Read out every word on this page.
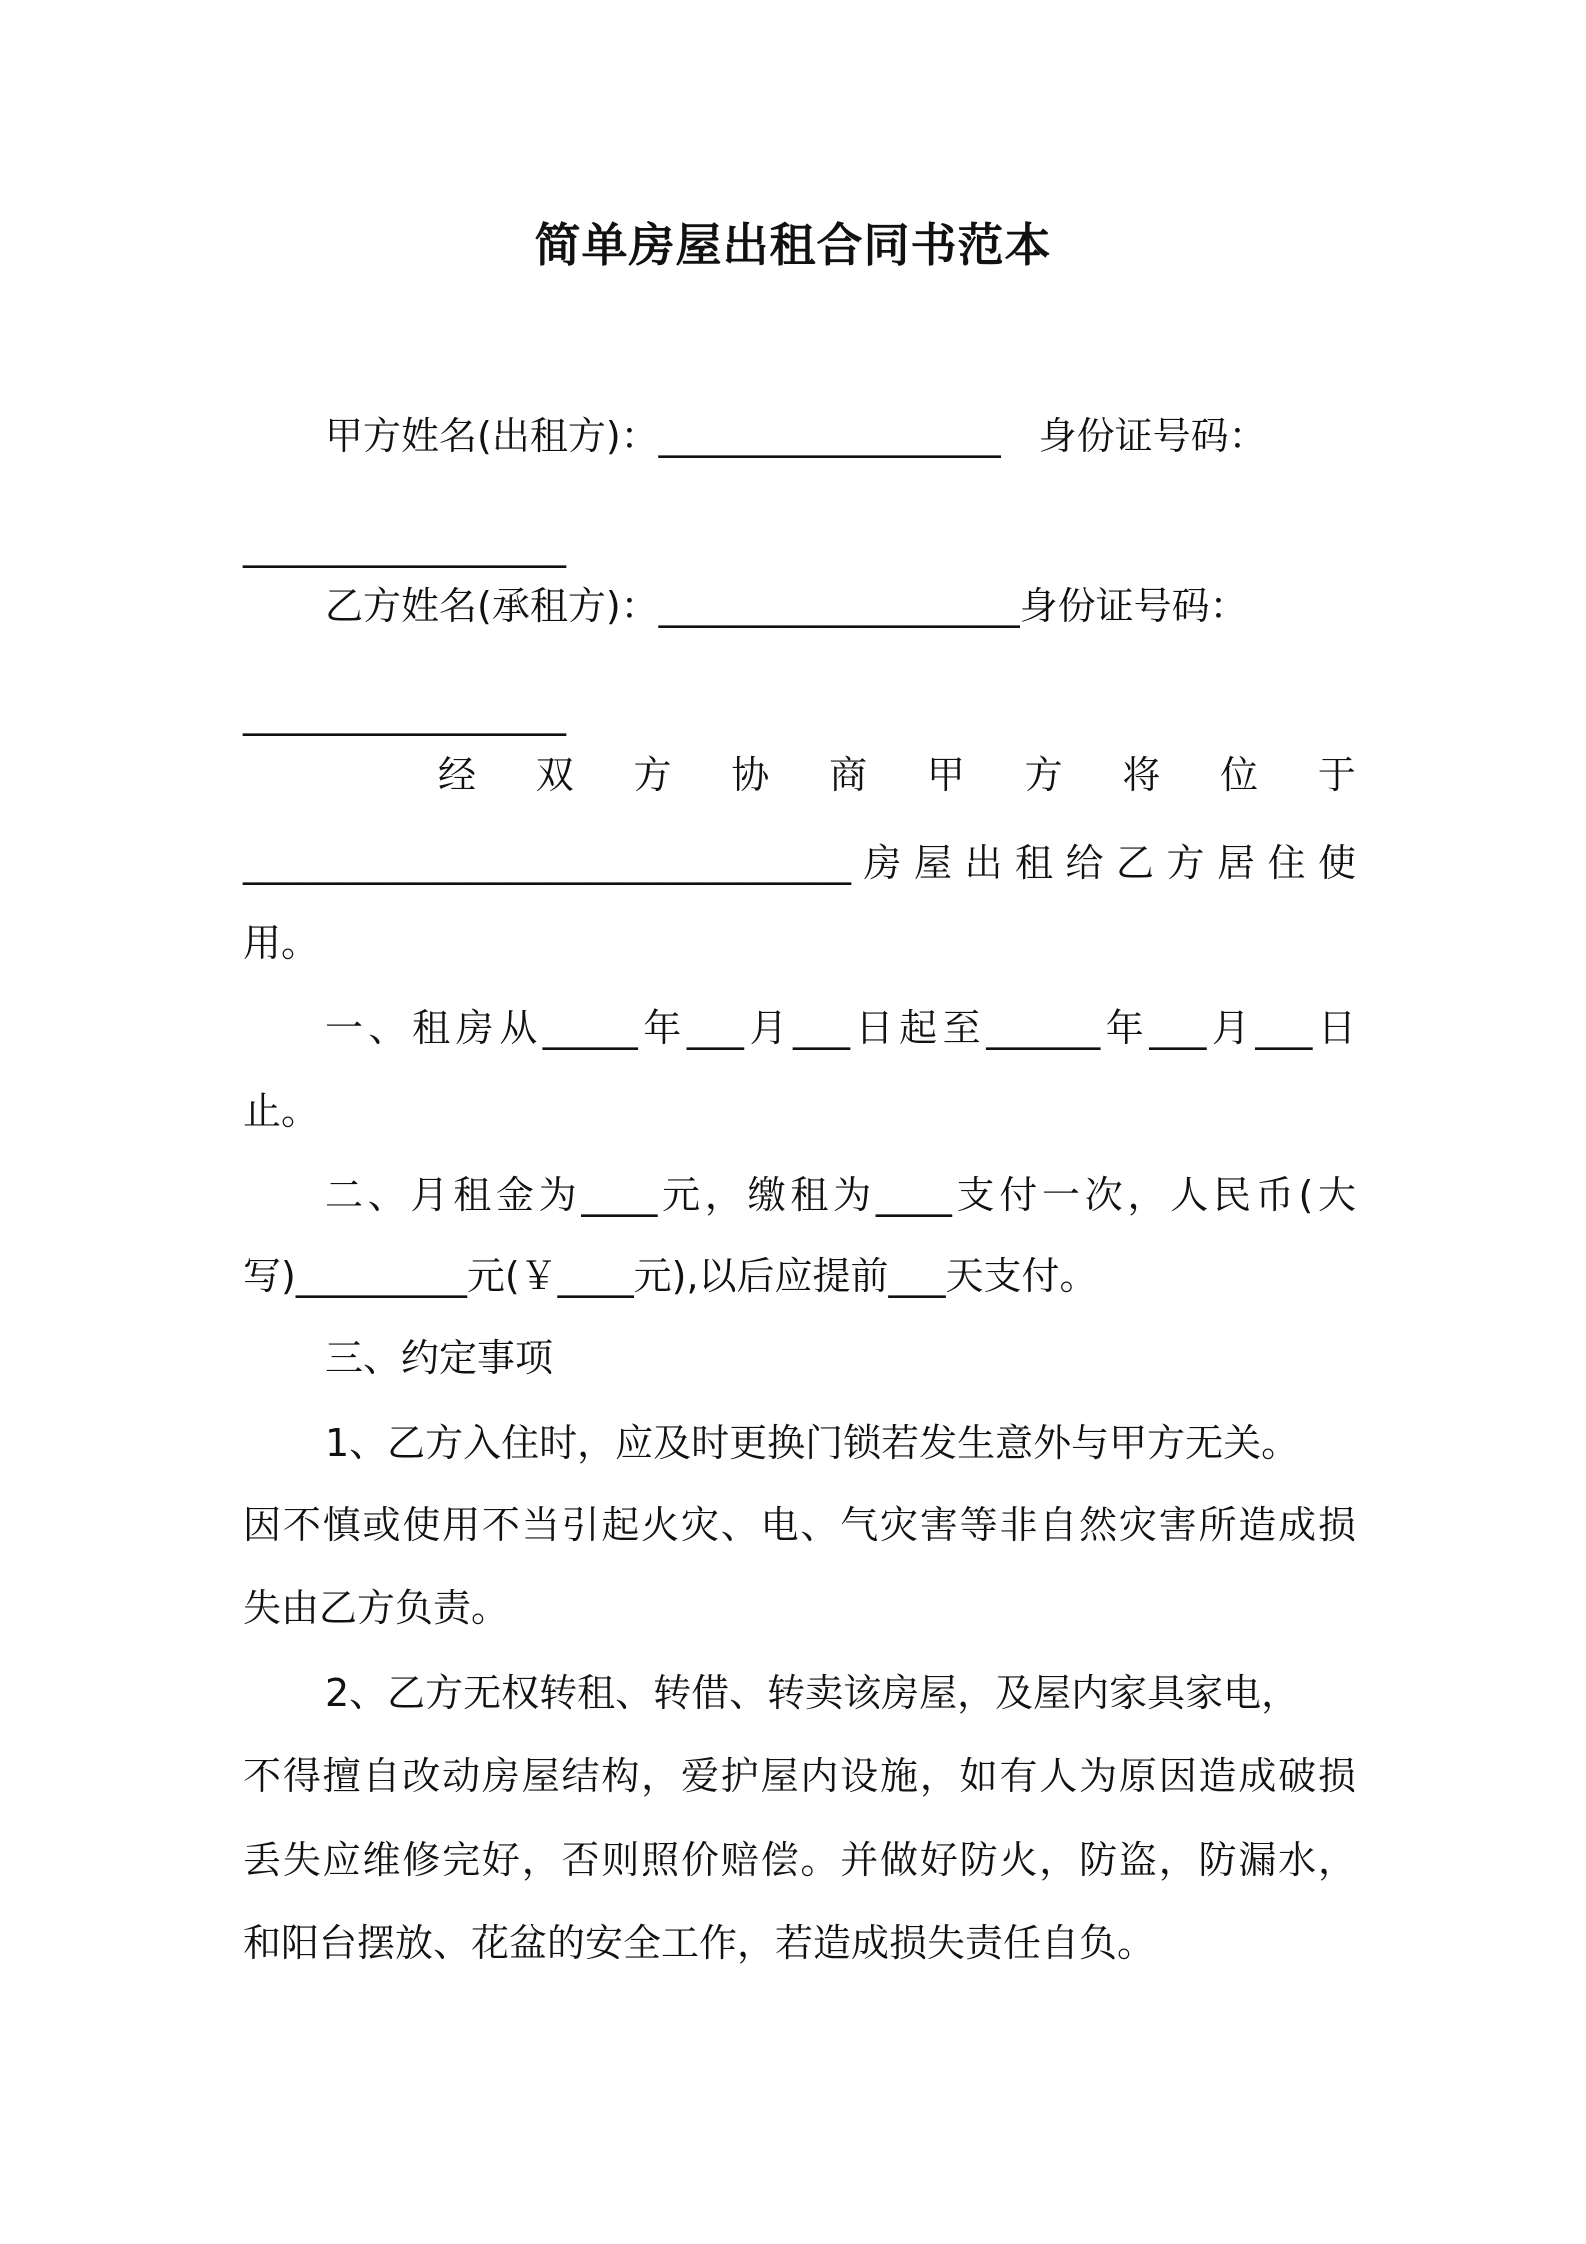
简单房屋出租合同书范本
甲方姓名(出租方)：__________________　身份证号码：
_________________
乙方姓名(承租方)：___________________身份证号码：
_________________
经 双 方 协 商 甲 方 将 位 于
________________________________房屋出租给乙方居住使
用。
一、租房从_____年___月___日起至______年___月___日
止。
二、月租金为____元，缴租为____支付一次，人民币(大
写)_________元(￥____元),以后应提前___天支付。
三、约定事项
1、乙方入住时，应及时更换门锁若发生意外与甲方无关。
因不慎或使用不当引起火灾、电、气灾害等非自然灾害所造成损
失由乙方负责。
2、乙方无权转租、转借、转卖该房屋，及屋内家具家电，
不得擅自改动房屋结构，爱护屋内设施，如有人为原因造成破损
丢失应维修完好，否则照价赔偿。并做好防火，防盗，防漏水，
和阳台摆放、花盆的安全工作，若造成损失责任自负。
